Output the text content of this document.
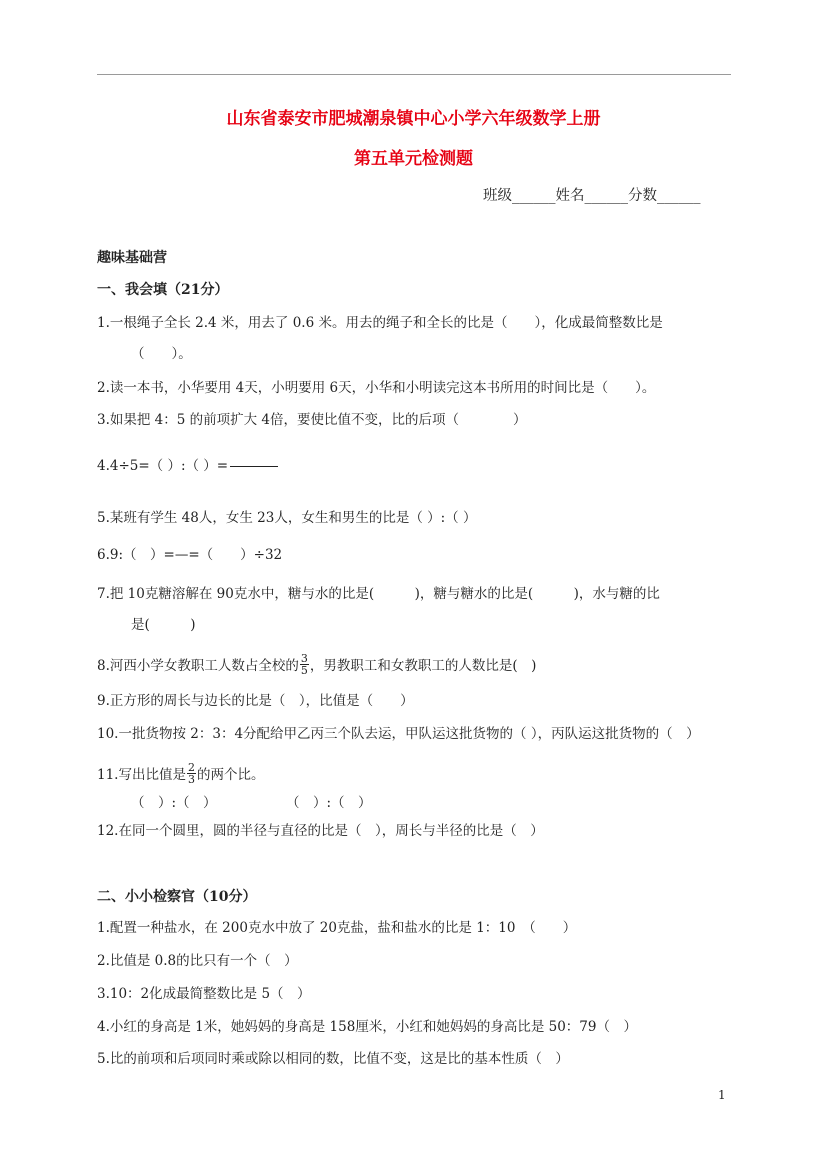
山东省泰安市肥城潮泉镇中心小学六年级数学上册
第五单元检测题
班级______姓名______分数______
趣味基础营
一、我会填（21分）
1.一根绳子全长 2.4 米，用去了 0.6 米。用去的绳子和全长的比是（　　），化成最简整数比是
（　　）。
2.读一本书，小华要用 4天，小明要用 6天，小华和小明读完这本书所用的时间比是（　　）。
3.如果把 4：5 的前项扩大 4倍，要使比值不变，比的后项（　　　　）
4.4÷5=（ ）:（ ）=
5.某班有学生 48人，女生 23人，女生和男生的比是（ ）:（ ）
6.9:（　）=—=（　　）÷32
7.把 10克糖溶解在 90克水中，糖与水的比是(　　　)，糖与糖水的比是(　　　)，水与糖的比
是(　　　)
8.河西小学女教职工人数占全校的 $\frac{3}{5}$ ，男教职工和女教职工的人数比是(　)
9.正方形的周长与边长的比是（　），比值是（　　）
10.一批货物按 2：3：4分配给甲乙丙三个队去运，甲队运这批货物的（ ），丙队运这批货物的（　）
11.写出比值是 $\frac{2}{3}$ 的两个比。
（　）:（　）	（　）:（　）
12.在同一个圆里，圆的半径与直径的比是（　），周长与半径的比是（　）
二、小小检察官（10分）
1.配置一种盐水，在 200克水中放了 20克盐，盐和盐水的比是 1：10　（　　）
2.比值是 0.8的比只有一个（　）
3.10：2化成最简整数比是 5（　）
4.小红的身高是 1米，她妈妈的身高是 158厘米，小红和她妈妈的身高比是 50：79（　）
5.比的前项和后项同时乘或除以相同的数，比值不变，这是比的基本性质（　）
1
